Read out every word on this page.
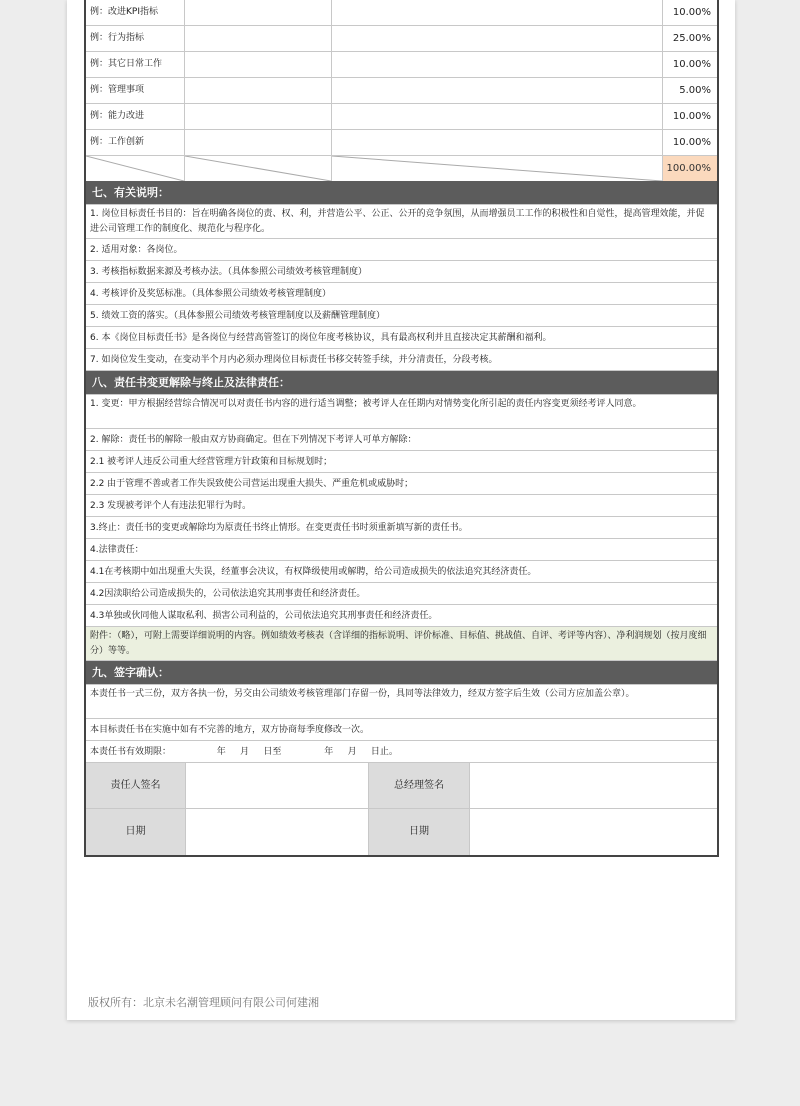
例：改进KPI指标	10.00%
例：行为指标	25.00%
例：其它日常工作	10.00%
例：管理事项	5.00%
例：能力改进	10.00%
例：工作创新	10.00%
100.00%
七、有关说明：
1. 岗位目标责任书目的：旨在明确各岗位的责、权、利，并营造公平、公正、公开的竞争氛围，从而增强员工工作的积极性和自觉性，提高管理效能，并促进公司管理工作的制度化、规范化与程序化。
2. 适用对象：各岗位。
3. 考核指标数据来源及考核办法。（具体参照公司绩效考核管理制度）
4. 考核评价及奖惩标准。（具体参照公司绩效考核管理制度）
5. 绩效工资的落实。（具体参照公司绩效考核管理制度以及薪酬管理制度）
6. 本《岗位目标责任书》是各岗位与经营高管签订的岗位年度考核协议，具有最高权利并且直接决定其薪酬和福利。
7. 如岗位发生变动，在变动半个月内必须办理岗位目标责任书移交转签手续，并分清责任，分段考核。
八、责任书变更解除与终止及法律责任：
1. 变更：甲方根据经营综合情况可以对责任书内容的进行适当调整；被考评人在任期内对情势变化所引起的责任内容变更须经考评人同意。
2. 解除：责任书的解除一般由双方协商确定。但在下列情况下考评人可单方解除：
2.1 被考评人违反公司重大经营管理方针政策和目标规划时；
2.2 由于管理不善或者工作失误致使公司营运出现重大损失、严重危机或威胁时；
2.3 发现被考评个人有违法犯罪行为时。
3.终止：责任书的变更或解除均为原责任书终止情形。在变更责任书时须重新填写新的责任书。
4.法律责任：
4.1在考核期中如出现重大失误，经董事会决议，有权降级使用或解聘，给公司造成损失的依法追究其经济责任。
4.2因渎职给公司造成损失的，公司依法追究其刑事责任和经济责任。
4.3单独或伙同他人谋取私利、损害公司利益的，公司依法追究其刑事责任和经济责任。
附件：（略），可附上需要详细说明的内容。例如绩效考核表（含详细的指标说明、评价标准、目标值、挑战值、自评、考评等内容）、净利润规划（按月度细分）等等。
九、签字确认：
本责任书一式三份，双方各执一份，另交由公司绩效考核管理部门存留一份，具同等法律效力，经双方签字后生效（公司方应加盖公章）。
本目标责任书在实施中如有不完善的地方，双方协商每季度修改一次。
本责任书有效期限：                年     月     日至               年     月     日止。
责任人签名	总经理签名
日期	日期
版权所有：北京未名潮管理顾问有限公司何建湘
